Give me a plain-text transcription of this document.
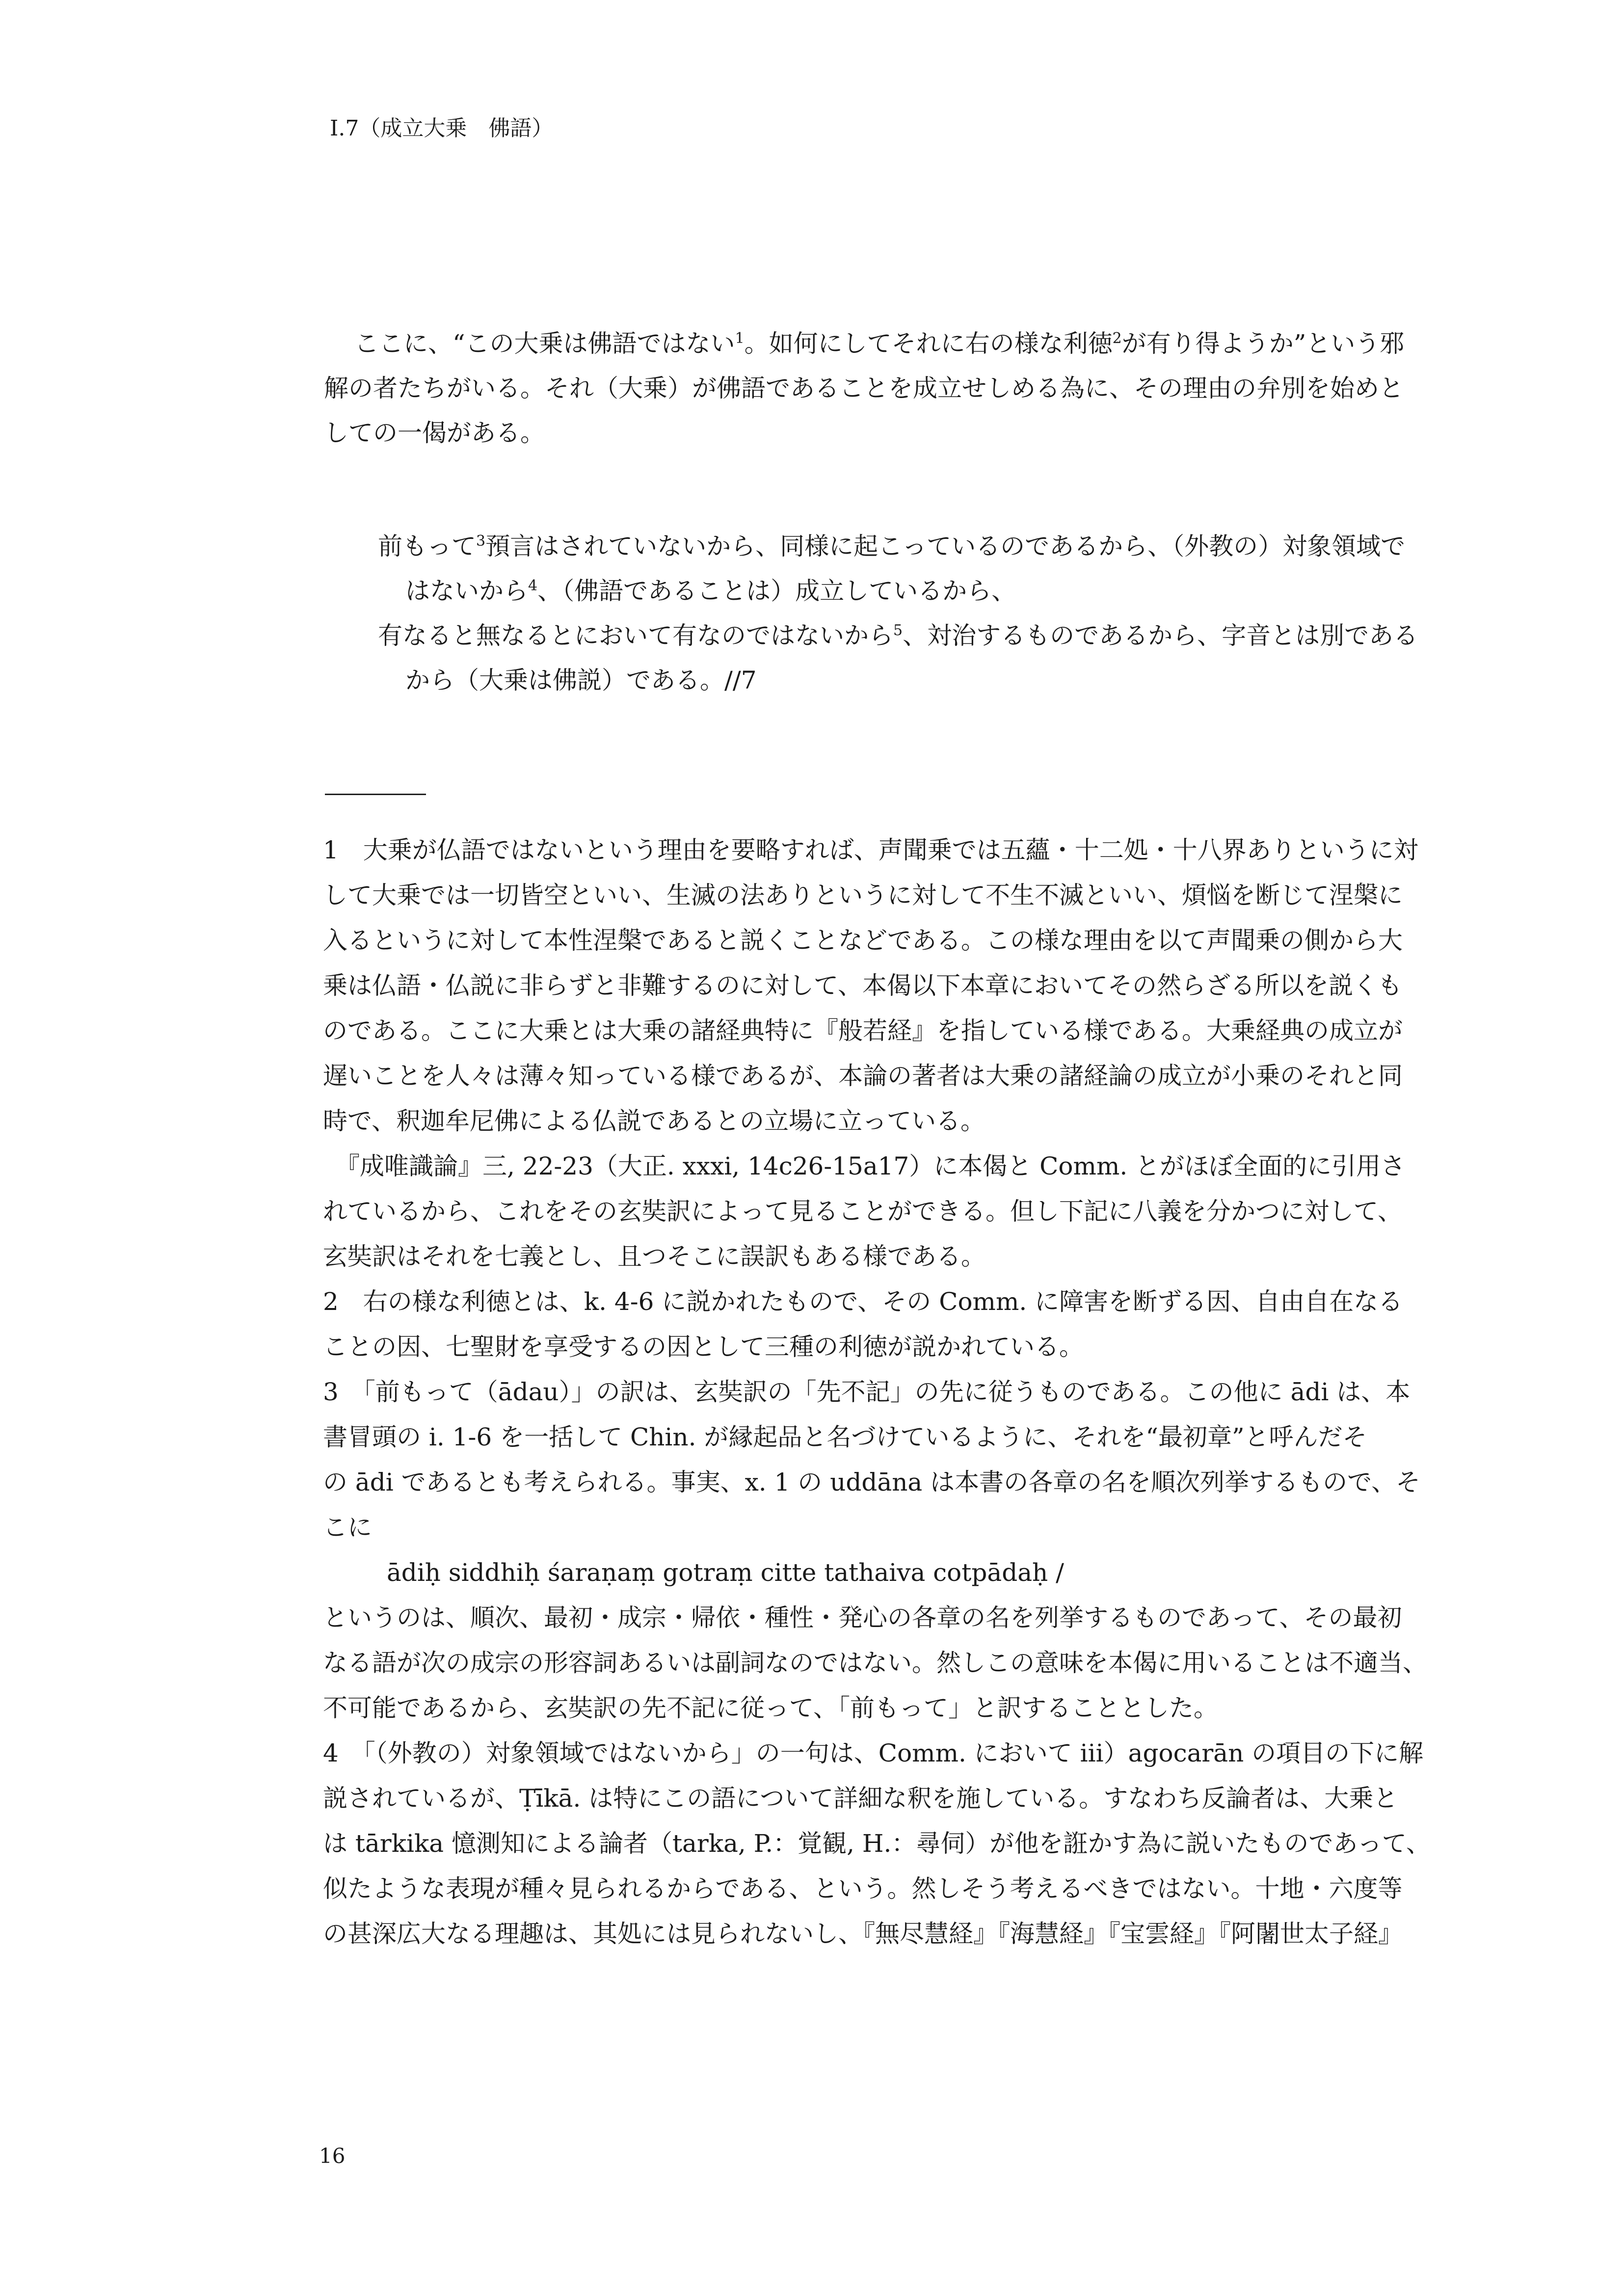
I.7（成立大乗　佛語）
ここに、“この大乗は佛語ではない$^1$。如何にしてそれに右の様な利徳$^2$が有り得ようか”という邪
解の者たちがいる。それ（大乗）が佛語であることを成立せしめる為に、その理由の弁別を始めと
しての一偈がある。
前もって$^3$預言はされていないから、同様に起こっているのであるから、（外教の）対象領域で
はないから$^4$、（佛語であることは）成立しているから、
有なると無なるとにおいて有なのではないから$^5$、対治するものであるから、字音とは別である
から（大乗は佛説）である。//7
1　大乗が仏語ではないという理由を要略すれば、声聞乗では五蘊・十二処・十八界ありというに対
して大乗では一切皆空といい、生滅の法ありというに対して不生不滅といい、煩悩を断じて涅槃に
入るというに対して本性涅槃であると説くことなどである。この様な理由を以て声聞乗の側から大
乗は仏語・仏説に非らずと非難するのに対して、本偈以下本章においてその然らざる所以を説くも
のである。ここに大乗とは大乗の諸経典特に『般若経』を指している様である。大乗経典の成立が
遅いことを人々は薄々知っている様であるが、本論の著者は大乗の諸経論の成立が小乗のそれと同
時で、釈迦牟尼佛による仏説であるとの立場に立っている。
　『成唯識論』三, 22-23（大正. xxxi, 14c26-15a17）に本偈と Comm. とがほぼ全面的に引用さ
れているから、これをその玄奘訳によって見ることができる。但し下記に八義を分かつに対して、
玄奘訳はそれを七義とし、且つそこに誤訳もある様である。
2　右の様な利徳とは、k. 4-6 に説かれたもので、その Comm. に障害を断ずる因、自由自在なる
ことの因、七聖財を享受するの因として三種の利徳が説かれている。
3　「前もって（ādau）」の訳は、玄奘訳の「先不記」の先に従うものである。この他に ādi は、本
書冒頭の i. 1-6 を一括して Chin. が縁起品と名づけているように、それを“最初章”と呼んだそ
の ādi であるとも考えられる。事実、x. 1 の uddāna は本書の各章の名を順次列挙するもので、そ
こに
ādiḥ siddhiḥ śaraṇaṃ gotraṃ citte tathaiva cotpādaḥ /
というのは、順次、最初・成宗・帰依・種性・発心の各章の名を列挙するものであって、その最初
なる語が次の成宗の形容詞あるいは副詞なのではない。然しこの意味を本偈に用いることは不適当、
不可能であるから、玄奘訳の先不記に従って、「前もって」と訳することとした。
4　「（外教の）対象領域ではないから」の一句は、Comm. において iii）agocarān の項目の下に解
説されているが、Ṭīkā. は特にこの語について詳細な釈を施している。すなわち反論者は、大乗と
は tārkika 憶測知による論者（tarka, P.：覚観, H.：尋伺）が他を誑かす為に説いたものであって、
似たような表現が種々見られるからである、という。然しそう考えるべきではない。十地・六度等
の甚深広大なる理趣は、其処には見られないし、『無尽慧経』『海慧経』『宝雲経』『阿闍世太子経』
16
